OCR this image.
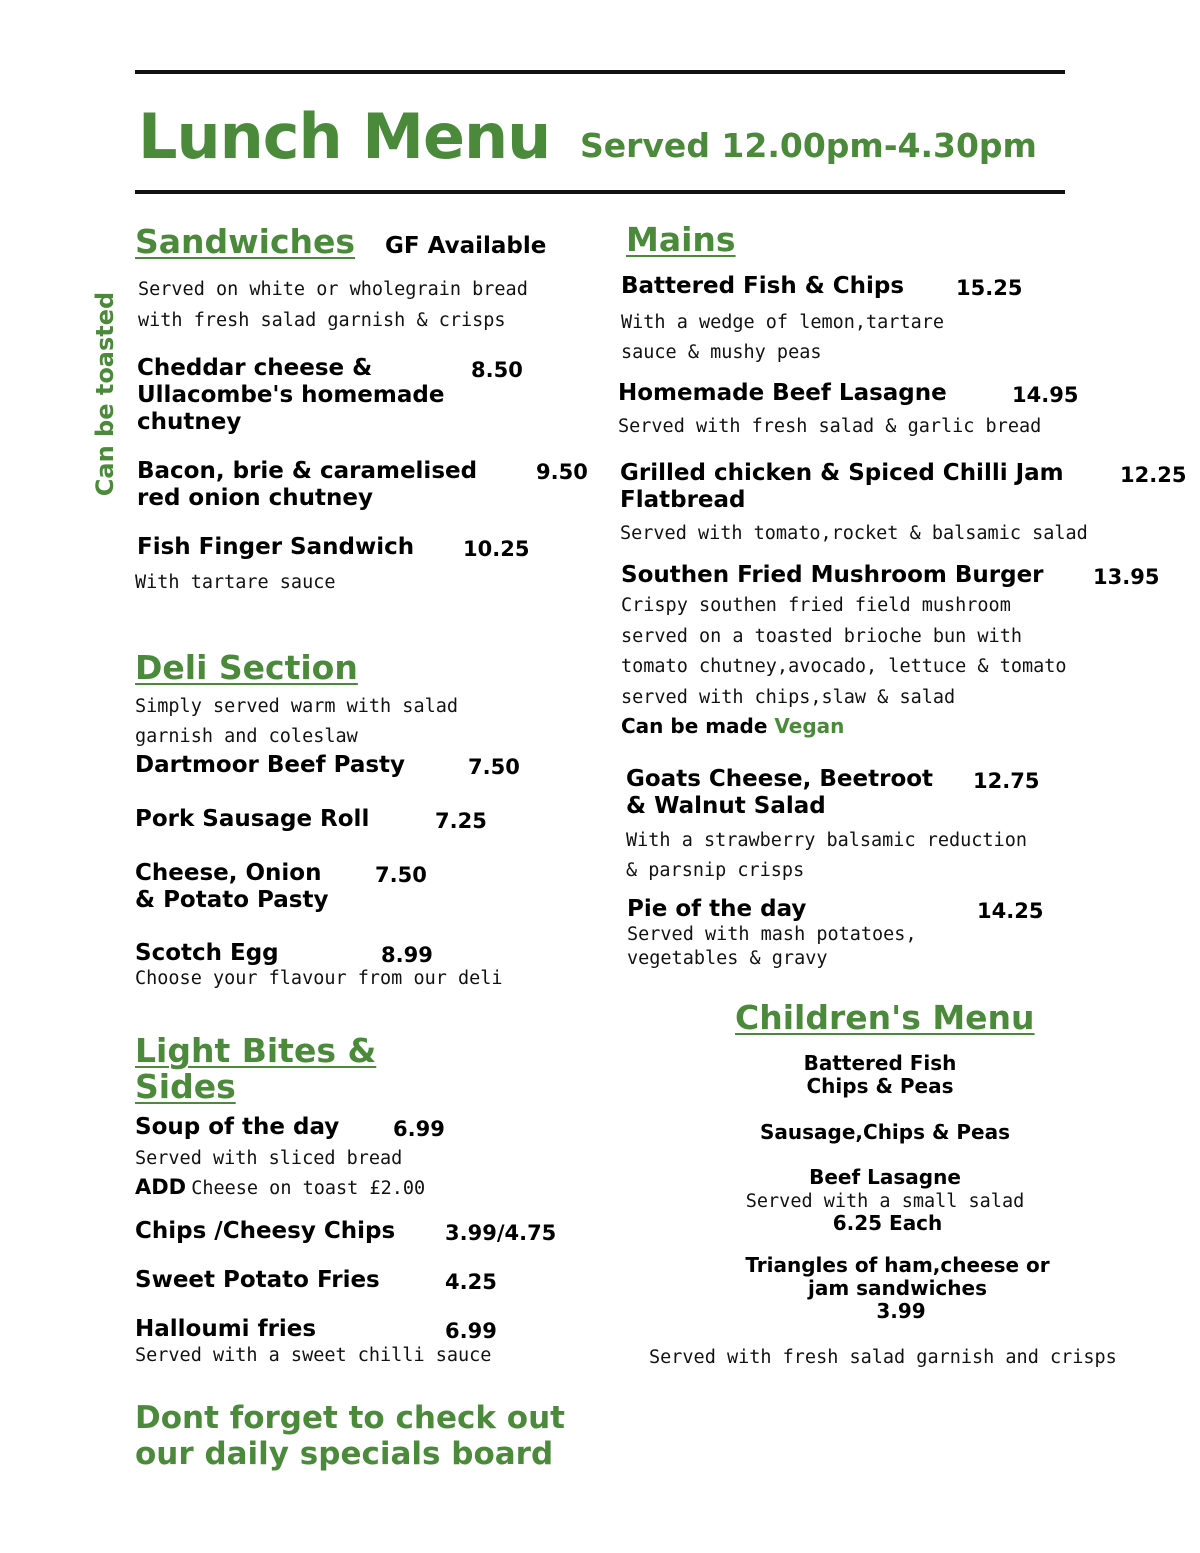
Lunch Menu Served 12.00pm-4.30pm
Can be toasted
Sandwiches GF Available
Served on white or wholegrain bread
with fresh salad garnish & crisps
Cheddar cheese &
Ullacombe's homemade
chutney
8.50
Bacon, brie & caramelised
red onion chutney
9.50
Fish Finger Sandwich 10.25
With tartare sauce
Deli Section
Simply served warm with salad
garnish and coleslaw
Dartmoor Beef Pasty	7.50
Pork Sausage Roll	7.25
Cheese, Onion
& Potato Pasty
7.50
Scotch Egg	8.99
Choose your flavour from our deli
Light Bites &
Sides
Soup of the day	6.99
Served with sliced bread
ADD Cheese on toast £2.00
Chips /Cheesy Chips 3.99/4.75
Sweet Potato Fries	4.25
Halloumi fries	6.99
Served with a sweet chilli sauce
Dont forget to check out
our daily specials board
Mains
Battered Fish & Chips 15.25
With a wedge of lemon,tartare
sauce & mushy peas
Homemade Beef Lasagne	14.95
Served with fresh salad & garlic bread
Grilled chicken & Spiced Chilli Jam
Flatbread
12.25
Served with tomato,rocket & balsamic salad
Southen Fried Mushroom Burger 13.95
Crispy southen fried field mushroom
served on a toasted brioche bun with
tomato chutney,avocado, lettuce & tomato
served with chips,slaw & salad
Can be made Vegan
Goats Cheese, Beetroot
& Walnut Salad
12.75
With a strawberry balsamic reduction
& parsnip crisps
Pie of the day	14.25
Served with mash potatoes,
vegetables & gravy
Children's Menu
Battered Fish
Chips & Peas
Sausage,Chips & Peas
Beef Lasagne
Served with a small salad
6.25 Each
Triangles of ham,cheese or
jam sandwiches
3.99
Served with fresh salad garnish and crisps
